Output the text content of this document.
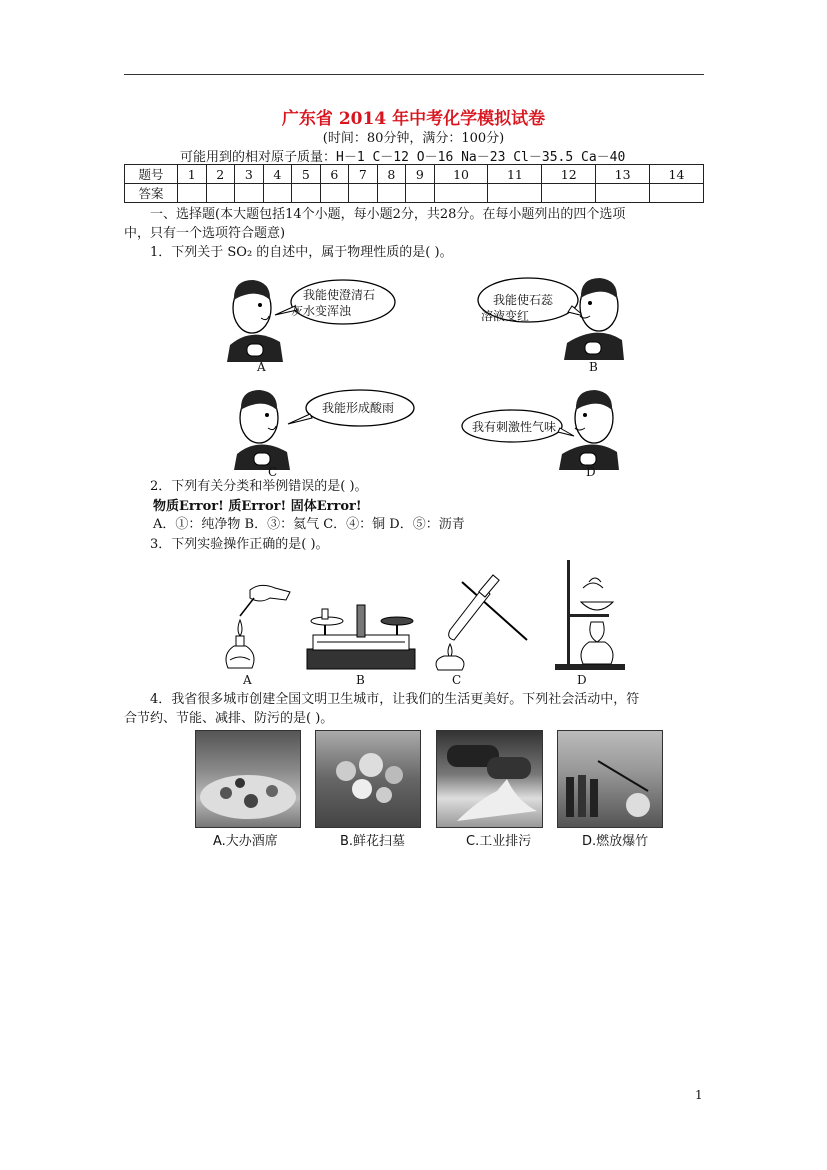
广东省 2014 年中考化学模拟试卷
(时间：80分钟，满分：100分)
可能用到的相对原子质量：H－1 C－12 O－16 Na－23 Cl－35.5 Ca－40
题号	1	2	3	4	5	6	7	8	9	10	11	12	13	14
答案														
一、选择题(本大题包括14个小题，每小题2分，共28分。在每小题列出的四个选项
中，只有一个选项符合题意)
1．下列关于 SO₂ 的自述中，属于物理性质的是( )。
我能使澄清石
灰水变浑浊
A
我能使石蕊
溶液变红
B
我能形成酸雨
C
我有刺激性气味
D
2．下列有关分类和举例错误的是( )。
物质Error! 质Error! 固体Error!
A．①：纯净物 B．③：氦气 C．④：铜 D．⑤：沥青
3．下列实验操作正确的是( )。
A	B	C	D
4．我省很多城市创建全国文明卫生城市，让我们的生活更美好。下列社会活动中，符
合节约、节能、减排、防污的是( )。
A.大办酒席	B.鲜花扫墓	C.工业排污	D.燃放爆竹
1
